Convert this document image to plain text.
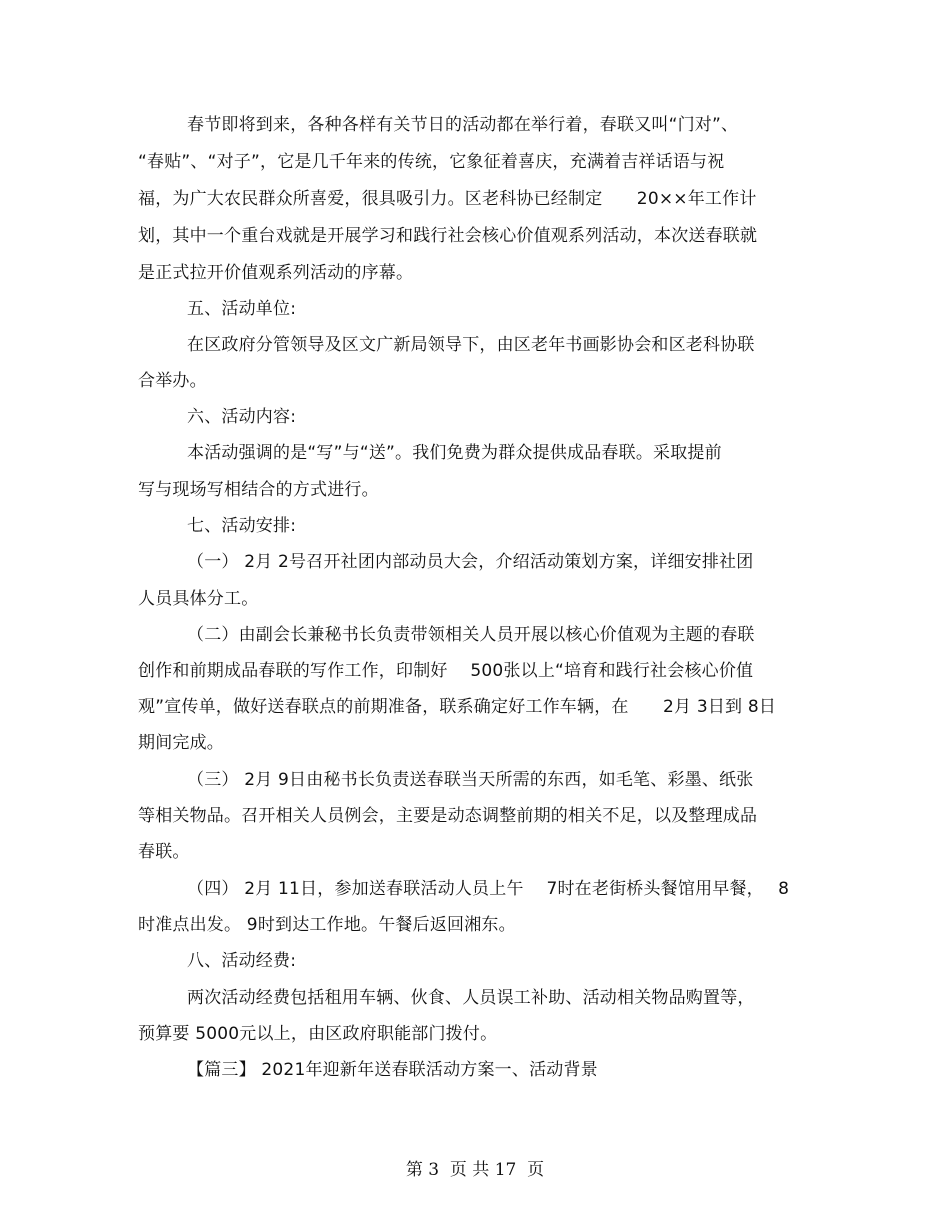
春节即将到来，各种各样有关节日的活动都在举行着，春联又叫“门对”、
“春贴”、“对子”，它是几千年来的传统，它象征着喜庆，充满着吉祥话语与祝
福，为广大农民群众所喜爱，很具吸引力。区老科协已经制定　　20××年工作计
划，其中一个重台戏就是开展学习和践行社会核心价值观系列活动，本次送春联就
是正式拉开价值观系列活动的序幕。
五、活动单位:
在区政府分管领导及区文广新局领导下，由区老年书画影协会和区老科协联
合举办。
六、活动内容:
本活动强调的是“写”与“送”。我们免费为群众提供成品春联。采取提前
写与现场写相结合的方式进行。
七、活动安排:
（一） 2月 2号召开社团内部动员大会，介绍活动策划方案，详细安排社团
人员具体分工。
（二）由副会长兼秘书长负责带领相关人员开展以核心价值观为主题的春联
创作和前期成品春联的写作工作，印制好　 500张以上“培育和践行社会核心价值
观”宣传单，做好送春联点的前期准备，联系确定好工作车辆，在　　2月 3日到 8日
期间完成。
（三） 2月 9日由秘书长负责送春联当天所需的东西，如毛笔、彩墨、纸张
等相关物品。召开相关人员例会，主要是动态调整前期的相关不足，以及整理成品
春联。
（四） 2月 11日，参加送春联活动人员上午　 7时在老街桥头餐馆用早餐，　 8
时准点出发。 9时到达工作地。午餐后返回湘东。
八、活动经费:
两次活动经费包括租用车辆、伙食、人员误工补助、活动相关物品购置等，
预算要 5000元以上，由区政府职能部门拨付。
【篇三】 2021年迎新年送春联活动方案一、活动背景
第 3  页 共 17  页
